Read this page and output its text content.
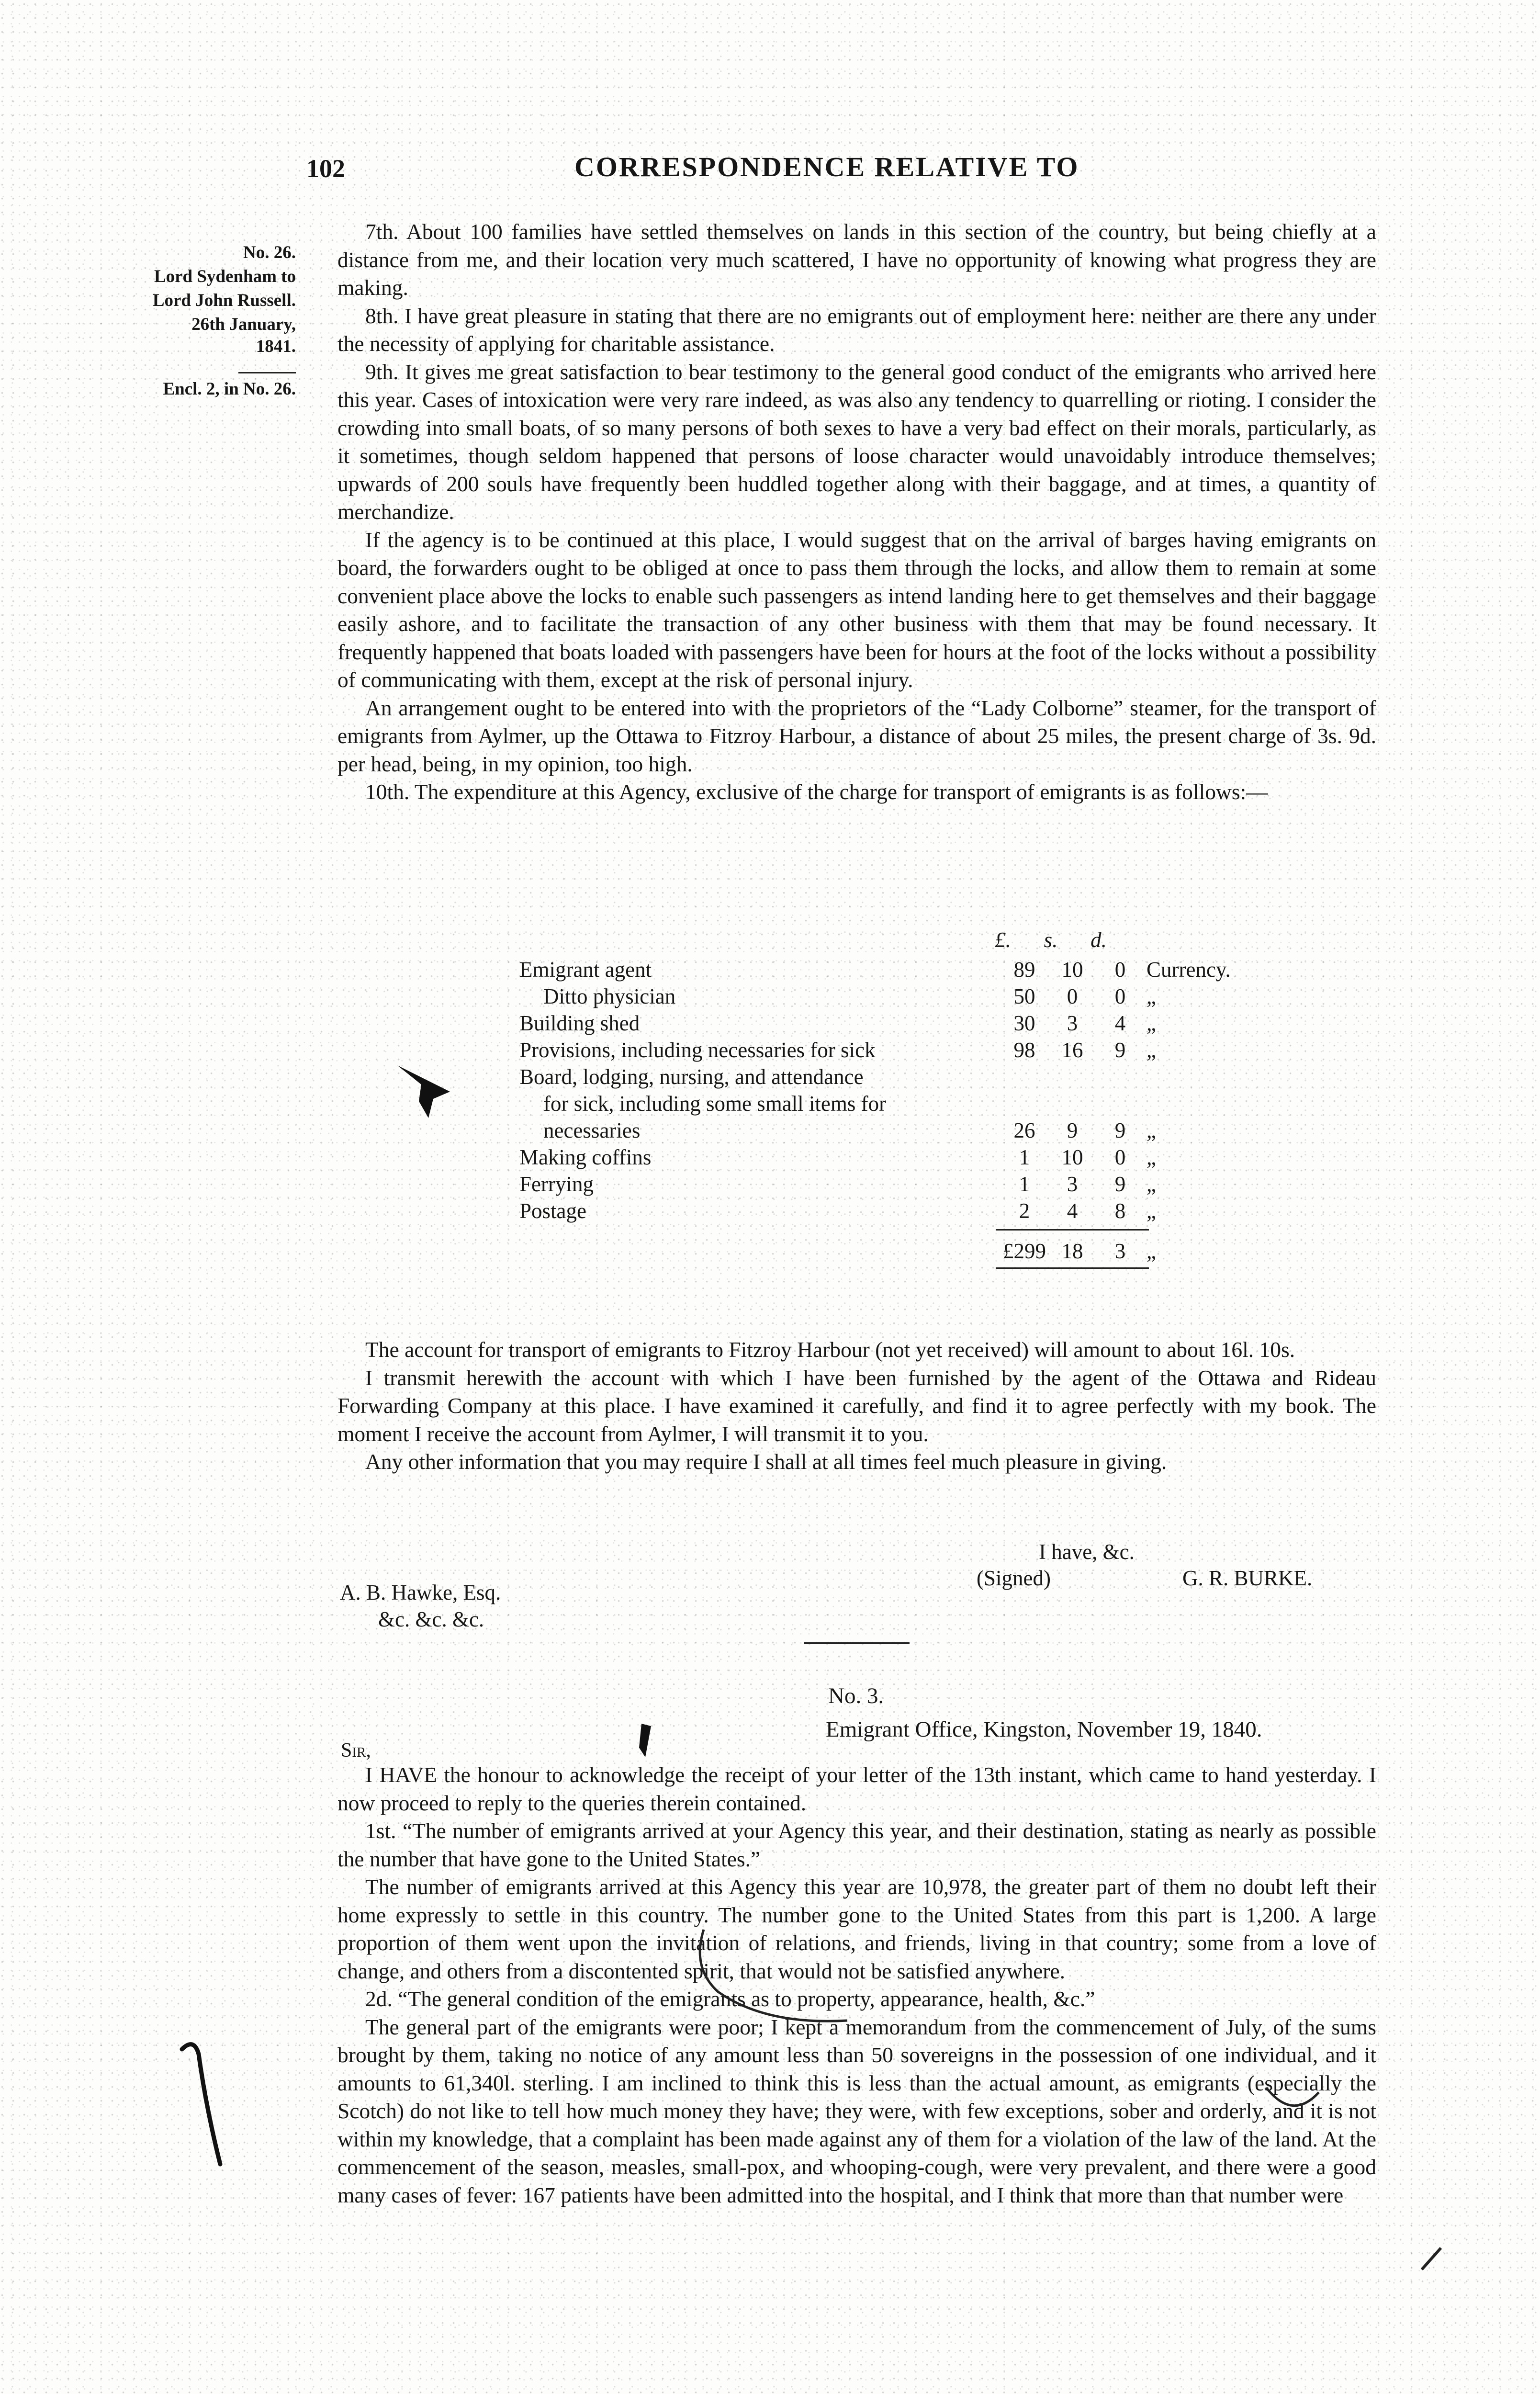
102	CORRESPONDENCE RELATIVE TO
No. 26.
Lord Sydenham to
Lord John Russell.
26th January, 1841.
Encl. 2, in No. 26.

7th. About 100 families have settled themselves on lands in this section of the country, but being chiefly at a distance from me, and their location very much scattered, I have no opportunity of knowing what progress they are making.

8th. I have great pleasure in stating that there are no emigrants out of employment here: neither are there any under the necessity of applying for charitable assistance.

9th. It gives me great satisfaction to bear testimony to the general good conduct of the emigrants who arrived here this year. Cases of intoxication were very rare indeed, as was also any tendency to quarrelling or rioting. I consider the crowding into small boats, of so many persons of both sexes to have a very bad effect on their morals, particularly, as it sometimes, though seldom happened that persons of loose character would unavoidably introduce themselves; upwards of 200 souls have frequently been huddled together along with their baggage, and at times, a quantity of merchandize.

If the agency is to be continued at this place, I would suggest that on the arrival of barges having emigrants on board, the forwarders ought to be obliged at once to pass them through the locks, and allow them to remain at some convenient place above the locks to enable such passengers as intend landing here to get themselves and their baggage easily ashore, and to facilitate the transaction of any other business with them that may be found necessary. It frequently happened that boats loaded with passengers have been for hours at the foot of the locks without a possibility of communicating with them, except at the risk of personal injury.

An arrangement ought to be entered into with the proprietors of the “Lady Colborne” steamer, for the transport of emigrants from Aylmer, up the Ottawa to Fitzroy Harbour, a distance of about 25 miles, the present charge of 3s. 9d. per head, being, in my opinion, too high.

10th. The expenditure at this Agency, exclusive of the charge for transport of emigrants is as follows:—

£. s. d.
Emigrant agent	89 10 0 Currency.
Ditto physician	50 0 0 „
Building shed	30 3 4 „
Provisions, including necessaries for sick	98 16 9 „
Board, lodging, nursing, and attendance
for sick, including some small items for
necessaries	26 9 9 „
Making coffins	1 10 0 „
Ferrying	1 3 9 „
Postage	2 4 8 „
£299 18 3 „

The account for transport of emigrants to Fitzroy Harbour (not yet received) will amount to about 16l. 10s.

I transmit herewith the account with which I have been furnished by the agent of the Ottawa and Rideau Forwarding Company at this place. I have examined it carefully, and find it to agree perfectly with my book. The moment I receive the account from Aylmer, I will transmit it to you.

Any other information that you may require I shall at all times feel much pleasure in giving.

I have, &c.
(Signed)	G. R. BURKE.
A. B. Hawke, Esq.
&c. &c. &c.
No. 3.
Emigrant Office, Kingston, November 19, 1840.
Sir,

I HAVE the honour to acknowledge the receipt of your letter of the 13th instant, which came to hand yesterday. I now proceed to reply to the queries therein contained.

1st. “The number of emigrants arrived at your Agency this year, and their destination, stating as nearly as possible the number that have gone to the United States.”

The number of emigrants arrived at this Agency this year are 10,978, the greater part of them no doubt left their home expressly to settle in this country. The number gone to the United States from this part is 1,200. A large proportion of them went upon the invitation of relations, and friends, living in that country; some from a love of change, and others from a discontented spirit, that would not be satisfied anywhere.

2d. “The general condition of the emigrants as to property, appearance, health, &c.”

The general part of the emigrants were poor; I kept a memorandum from the commencement of July, of the sums brought by them, taking no notice of any amount less than 50 sovereigns in the possession of one individual, and it amounts to 61,340l. sterling. I am inclined to think this is less than the actual amount, as emigrants (especially the Scotch) do not like to tell how much money they have; they were, with few exceptions, sober and orderly, and it is not within my knowledge, that a complaint has been made against any of them for a violation of the law of the land. At the commencement of the season, measles, small-pox, and whooping-cough, were very prevalent, and there were a good many cases of fever: 167 patients have been admitted into the hospital, and I think that more than that number were
